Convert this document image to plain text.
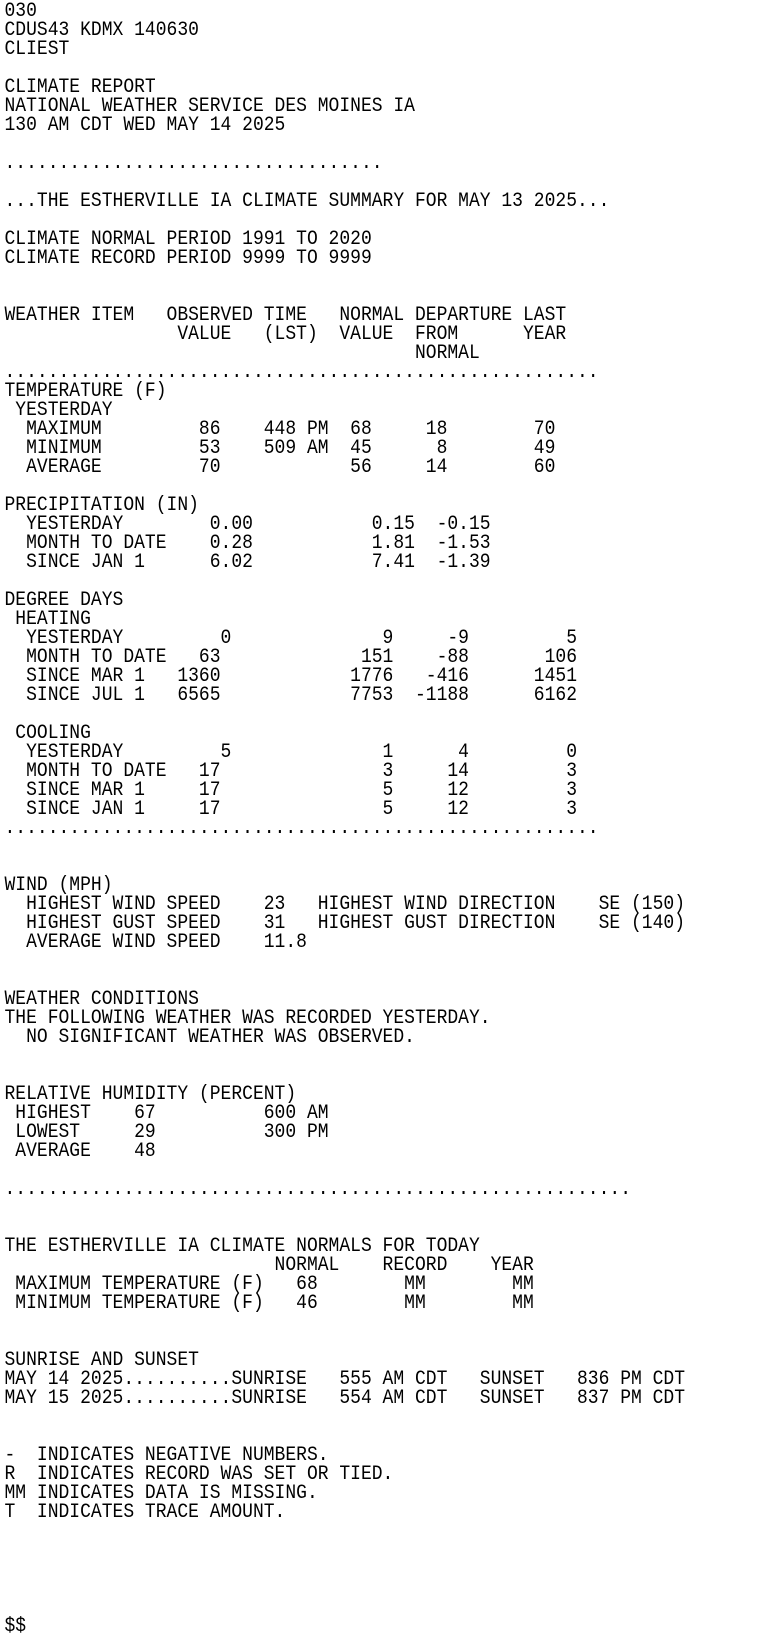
030
CDUS43 KDMX 140630
CLIEST
CLIMATE REPORT
NATIONAL WEATHER SERVICE DES MOINES IA
130 AM CDT WED MAY 14 2025
...................................
...THE ESTHERVILLE IA CLIMATE SUMMARY FOR MAY 13 2025...
CLIMATE NORMAL PERIOD 1991 TO 2020
CLIMATE RECORD PERIOD 9999 TO 9999
WEATHER ITEM   OBSERVED TIME   NORMAL DEPARTURE LAST
VALUE   (LST)  VALUE  FROM      YEAR
NORMAL
.......................................................
TEMPERATURE (F)
YESTERDAY
MAXIMUM         86    448 PM  68     18        70
MINIMUM         53    509 AM  45      8        49
AVERAGE         70            56     14        60
PRECIPITATION (IN)
YESTERDAY        0.00           0.15  -0.15
MONTH TO DATE    0.28           1.81  -1.53
SINCE JAN 1      6.02           7.41  -1.39
DEGREE DAYS
HEATING
YESTERDAY         0              9     -9         5
MONTH TO DATE   63             151    -88       106
SINCE MAR 1   1360            1776   -416      1451
SINCE JUL 1   6565            7753  -1188      6162
COOLING
YESTERDAY         5              1      4         0
MONTH TO DATE   17               3     14         3
SINCE MAR 1     17               5     12         3
SINCE JAN 1     17               5     12         3
.......................................................
WIND (MPH)
HIGHEST WIND SPEED    23   HIGHEST WIND DIRECTION    SE (150)
HIGHEST GUST SPEED    31   HIGHEST GUST DIRECTION    SE (140)
AVERAGE WIND SPEED    11.8
WEATHER CONDITIONS
THE FOLLOWING WEATHER WAS RECORDED YESTERDAY.
NO SIGNIFICANT WEATHER WAS OBSERVED.
RELATIVE HUMIDITY (PERCENT)
HIGHEST    67          600 AM
LOWEST     29          300 PM
AVERAGE    48
..........................................................
THE ESTHERVILLE IA CLIMATE NORMALS FOR TODAY
NORMAL    RECORD    YEAR
MAXIMUM TEMPERATURE (F)   68        MM        MM
MINIMUM TEMPERATURE (F)   46        MM        MM
SUNRISE AND SUNSET
MAY 14 2025..........SUNRISE   555 AM CDT   SUNSET   836 PM CDT
MAY 15 2025..........SUNRISE   554 AM CDT   SUNSET   837 PM CDT
-  INDICATES NEGATIVE NUMBERS.
R  INDICATES RECORD WAS SET OR TIED.
MM INDICATES DATA IS MISSING.
T  INDICATES TRACE AMOUNT.
$$
